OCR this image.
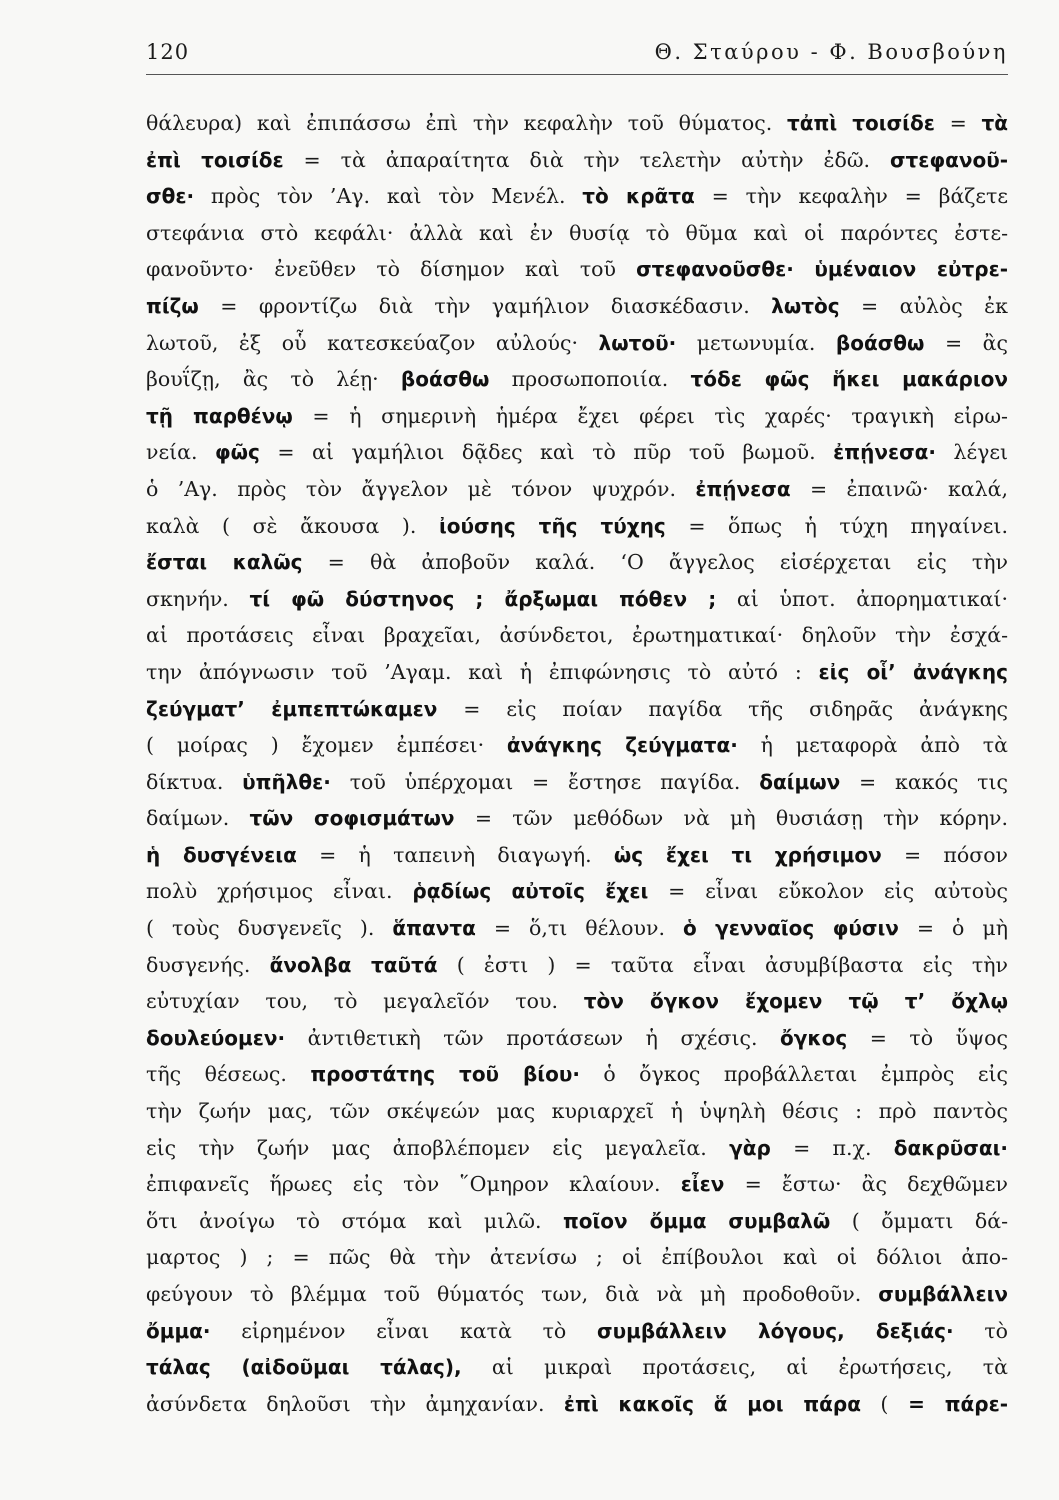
120	Θ. Σταύρου - Φ. Βουσβούνη
θάλευρα) καὶ ἐπιπάσσω ἐπὶ τὴν κεφαλὴν τοῦ θύματος. τἀπὶ τοισίδε = τὰ
ἐπὶ τοισίδε = τὰ ἀπαραίτητα διὰ τὴν τελετὴν αὐτὴν ἐδῶ. στεφανοῦ-
σθε· πρὸς τὸν ’Αγ. καὶ τὸν Μενέλ. τὸ κρᾶτα = τὴν κεφαλὴν = βάζετε
στεφάνια στὸ κεφάλι· ἀλλὰ καὶ ἐν θυσίᾳ τὸ θῦμα καὶ οἱ παρόντες ἐστε-
φανοῦντο· ἐνεῦθεν τὸ δίσημον καὶ τοῦ στεφανοῦσθε· ὑμέναιον εὐτρε-
πίζω = φροντίζω διὰ τὴν γαμήλιον διασκέδασιν. λωτὸς = αὐλὸς ἐκ
λωτοῦ, ἐξ οὗ κατεσκεύαζον αὐλούς· λωτοῦ· μετωνυμία. βοάσθω = ἂς
βουΐζῃ, ἂς τὸ λέῃ· βοάσθω προσωποποιία. τόδε φῶς ἥκει μακάριον
τῇ παρθένῳ = ἡ σημερινὴ ἡμέρα ἔχει φέρει τὶς χαρές· τραγικὴ εἰρω-
νεία. φῶς = αἱ γαμήλιοι δᾷδες καὶ τὸ πῦρ τοῦ βωμοῦ. ἐπῄνεσα· λέγει
ὁ ’Αγ. πρὸς τὸν ἄγγελον μὲ τόνον ψυχρόν. ἐπῄνεσα = ἐπαινῶ· καλά,
καλὰ ( σὲ ἄκουσα ). ἰούσης τῆς τύχης = ὅπως ἡ τύχη πηγαίνει.
ἔσται καλῶς = θὰ ἀποβοῦν καλά. ‘Ο ἄγγελος εἰσέρχεται εἰς τὴν
σκηνήν. τί φῶ δύστηνος ; ἄρξωμαι πόθεν ; αἱ ὑποτ. ἀπορηματικαί·
αἱ προτάσεις εἶναι βραχεῖαι, ἀσύνδετοι, ἐρωτηματικαί· δηλοῦν τὴν ἐσχά-
την ἀπόγνωσιν τοῦ ’Αγαμ. καὶ ἡ ἐπιφώνησις τὸ αὐτό : εἰς οἷ’ ἀνάγκης
ζεύγματ’ ἐμπεπτώκαμεν = εἰς ποίαν παγίδα τῆς σιδηρᾶς ἀνάγκης
( μοίρας ) ἔχομεν ἐμπέσει· ἀνάγκης ζεύγματα· ἡ μεταφορὰ ἀπὸ τὰ
δίκτυα. ὑπῆλθε· τοῦ ὑπέρχομαι = ἔστησε παγίδα. δαίμων = κακός τις
δαίμων. τῶν σοφισμάτων = τῶν μεθόδων νὰ μὴ θυσιάσῃ τὴν κόρην.
ἡ δυσγένεια = ἡ ταπεινὴ διαγωγή. ὡς ἔχει τι χρήσιμον = πόσον
πολὺ χρήσιμος εἶναι. ῥᾳδίως αὐτοῖς ἔχει = εἶναι εὔκολον εἰς αὐτοὺς
( τοὺς δυσγενεῖς ). ἅπαντα = ὅ,τι θέλουν. ὁ γενναῖος φύσιν = ὁ μὴ
δυσγενής. ἄνολβα ταῦτά ( ἐστι ) = ταῦτα εἶναι ἀσυμβίβαστα εἰς τὴν
εὐτυχίαν του, τὸ μεγαλεῖόν του. τὸν ὄγκον ἔχομεν τῷ τ’ ὄχλῳ
δουλεύομεν· ἀντιθετικὴ τῶν προτάσεων ἡ σχέσις. ὄγκος = τὸ ὕψος
τῆς θέσεως. προστάτης τοῦ βίου· ὁ ὄγκος προβάλλεται ἐμπρὸς εἰς
τὴν ζωήν μας, τῶν σκέψεών μας κυριαρχεῖ ἡ ὑψηλὴ θέσις : πρὸ παντὸς
εἰς τὴν ζωήν μας ἀποβλέπομεν εἰς μεγαλεῖα. γὰρ = π.χ. δακρῦσαι·
ἐπιφανεῖς ἥρωες εἰς τὸν ῞Ομηρον κλαίουν. εἶεν = ἔστω· ἂς δεχθῶμεν
ὅτι ἀνοίγω τὸ στόμα καὶ μιλῶ. ποῖον ὄμμα συμβαλῶ ( ὄμματι δά-
μαρτος ) ; = πῶς θὰ τὴν ἀτενίσω ; οἱ ἐπίβουλοι καὶ οἱ δόλιοι ἀπο-
φεύγουν τὸ βλέμμα τοῦ θύματός των, διὰ νὰ μὴ προδοθοῦν. συμβάλλειν
ὄμμα· εἰρημένον εἶναι κατὰ τὸ συμβάλλειν λόγους, δεξιάς· τὸ
τάλας (αἰδοῦμαι τάλας), αἱ μικραὶ προτάσεις, αἱ ἐρωτήσεις, τὰ
ἀσύνδετα δηλοῦσι τὴν ἀμηχανίαν. ἐπὶ κακοῖς ἅ μοι πάρα ( = πάρε-
